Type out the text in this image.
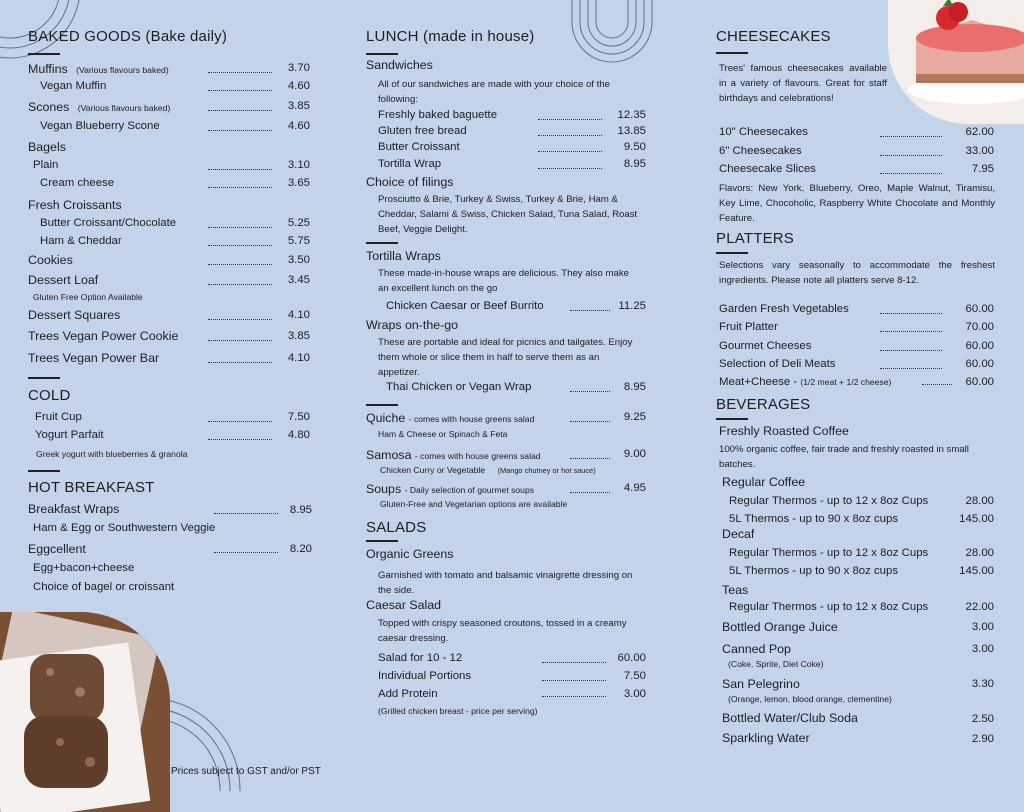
BAKED GOODS (Bake daily)
Muffins (Various flavours baked)	3.70
Vegan Muffin	4.60
Scones (Various flavours baked)	3.85
Vegan Blueberry Scone	4.60
Bagels
Plain	3.10
Cream cheese	3.65
Fresh Croissants
Butter Croissant/Chocolate	5.25
Ham & Cheddar	5.75
Cookies	3.50
Dessert Loaf	3.45
Gluten Free Option Available
Dessert Squares	4.10
Trees Vegan Power Cookie	3.85
Trees Vegan Power Bar	4.10
COLD
Fruit Cup	7.50
Yogurt Parfait	4.80
Greek yogurt with blueberries & granola
HOT BREAKFAST
Breakfast Wraps	8.95
Ham & Egg or Southwestern Veggie
Eggcellent	8.20
Egg+bacon+cheese
Choice of bagel or croissant
Prices subject to GST and/or PST
LUNCH (made in house)
Sandwiches
All of our sandwiches are made with your choice of the following:
Freshly baked baguette	12.35
Gluten free bread	13.85
Butter Croissant	9.50
Tortilla Wrap	8.95
Choice of filings
Prosciutto & Brie, Turkey & Swiss, Turkey & Brie, Ham & Cheddar, Salami & Swiss, Chicken Salad, Tuna Salad, Roast Beef, Veggie Delight.
Tortilla Wraps
These made-in-house wraps are delicious. They also make an excellent lunch on the go
Chicken Caesar or Beef Burrito	11.25
Wraps on-the-go
These are portable and ideal for picnics and tailgates. Enjoy them whole or slice them in half to serve them as an appetizer.
Thai Chicken or Vegan Wrap	8.95
Quiche - comes with house greens salad	9.25
Ham & Cheese or Spinach & Feta
Samosa - comes with house greens salad	9.00
Chicken Curry or Vegetable (Mango chutney or hot sauce)
Soups - Daily selection of gourmet soups	4.95
Gluten-Free and Vegetarian options are available
SALADS
Organic Greens
Garnished with tomato and balsamic vinaigrette dressing on the side.
Caesar Salad
Topped with crispy seasoned croutons, tossed in a creamy caesar dressing.
Salad for 10 - 12	60.00
Individual Portions	7.50
Add Protein	3.00
(Grilled chicken breast - price per serving)
CHEESECAKES
Trees' famous cheesecakes available in a variety of flavours. Great for staff birthdays and celebrations!
10" Cheesecakes	62.00
6" Cheesecakes	33.00
Cheesecake Slices	7.95
Flavors: New York, Blueberry, Oreo, Maple Walnut, Tiramisu, Key Lime, Chocoholic, Raspberry White Chocolate and Monthly Feature.
PLATTERS
Selections vary seasonally to accommodate the freshest ingredients. Please note all platters serve 8-12.
Garden Fresh Vegetables	60.00
Fruit Platter	70.00
Gourmet Cheeses	60.00
Selection of Deli Meats	60.00
Meat+Cheese - (1/2 meat + 1/2 cheese)	60.00
BEVERAGES
Freshly Roasted Coffee
100% organic coffee, fair trade and freshly roasted in small batches.
Regular Coffee
Regular Thermos - up to 12 x 8oz Cups	28.00
5L Thermos - up to 90 x 8oz cups	145.00
Decaf
Regular Thermos - up to 12 x 8oz Cups	28.00
5L Thermos - up to 90 x 8oz cups	145.00
Teas
Regular Thermos - up to 12 x 8oz Cups	22.00
Bottled Orange Juice	3.00
Canned Pop	3.00
(Coke, Sprite, Diet Coke)
San Pelegrino	3.30
(Orange, lemon, blood orange, clementine)
Bottled Water/Club Soda	2.50
Sparkling Water	2.90
